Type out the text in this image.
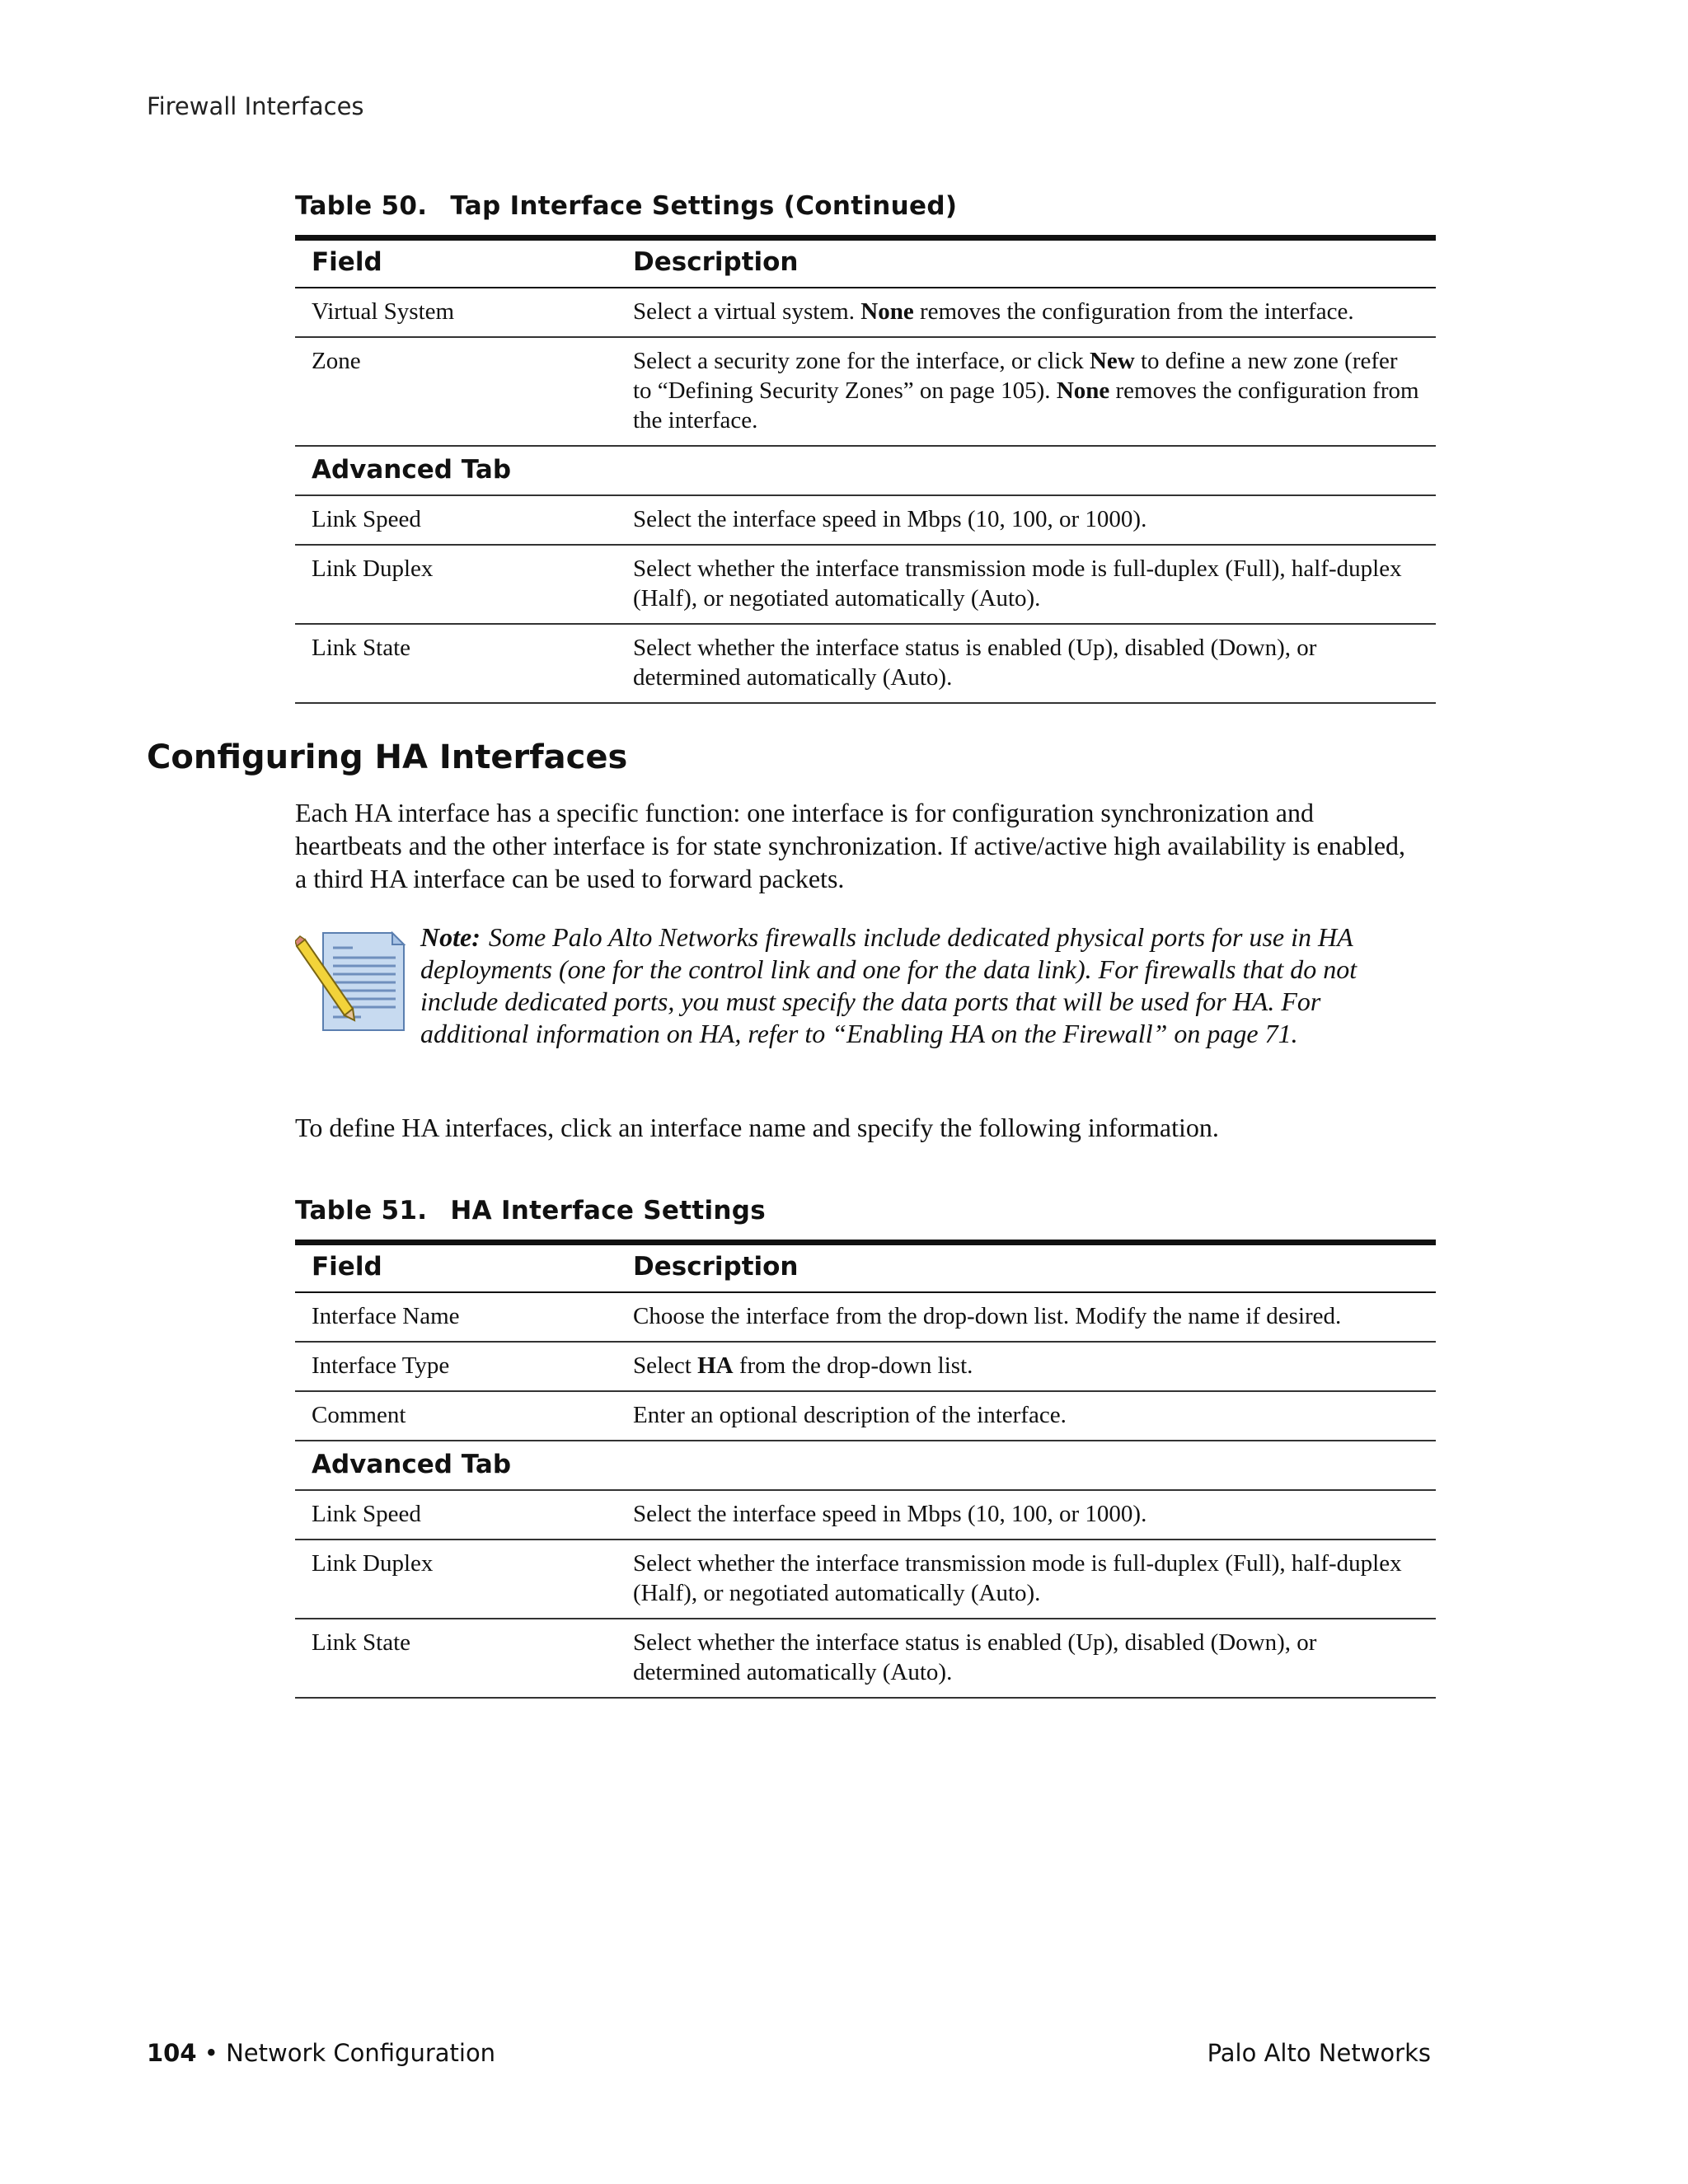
Firewall Interfaces
Table 50. Tap Interface Settings (Continued)

Field	Description
Virtual System	Select a virtual system. None removes the configuration from the interface.
Zone	Select a security zone for the interface, or click New to define a new zone (refer to “Defining Security Zones” on page 105). None removes the configuration from the interface.
Advanced Tab	
Link Speed	Select the interface speed in Mbps (10, 100, or 1000).
Link Duplex	Select whether the interface transmission mode is full-duplex (Full), half-duplex (Half), or negotiated automatically (Auto).
Link State	Select whether the interface status is enabled (Up), disabled (Down), or determined automatically (Auto).
Configuring HA Interfaces
Each HA interface has a specific function: one interface is for configuration synchronization and heartbeats and the other interface is for state synchronization. If active/active high availability is enabled, a third HA interface can be used to forward packets.
Note: Some Palo Alto Networks firewalls include dedicated physical ports for use in HA deployments (one for the control link and one for the data link). For firewalls that do not include dedicated ports, you must specify the data ports that will be used for HA. For additional information on HA, refer to “Enabling HA on the Firewall” on page 71.
To define HA interfaces, click an interface name and specify the following information.
Table 51. HA Interface Settings

Field	Description
Interface Name	Choose the interface from the drop-down list. Modify the name if desired.
Interface Type	Select HA from the drop-down list.
Comment	Enter an optional description of the interface.
Advanced Tab	
Link Speed	Select the interface speed in Mbps (10, 100, or 1000).
Link Duplex	Select whether the interface transmission mode is full-duplex (Full), half-duplex (Half), or negotiated automatically (Auto).
Link State	Select whether the interface status is enabled (Up), disabled (Down), or determined automatically (Auto).
104 • Network Configuration	Palo Alto Networks
